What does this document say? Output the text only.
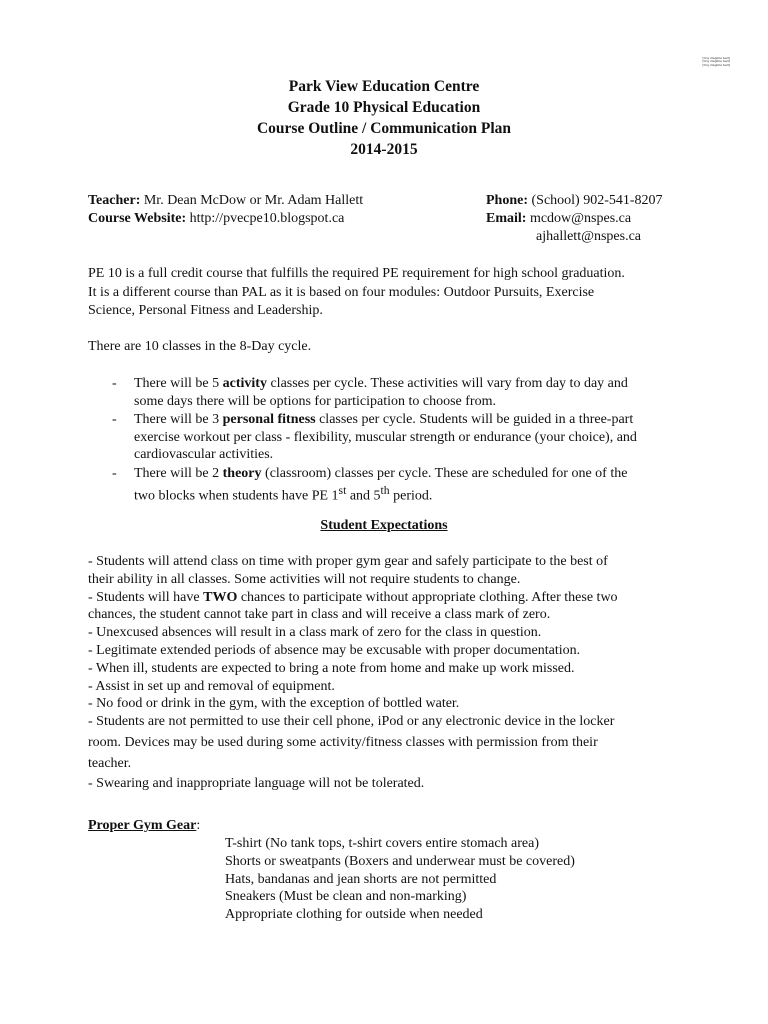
[tiny illegible text]
[tiny illegible text]
[tiny illegible text]
Park View Education Centre
Grade 10 Physical Education
Course Outline / Communication Plan
2014-2015
Teacher: Mr. Dean McDow or Mr. Adam Hallett	Phone: (School) 902-541-8207
Course Website: http://pvecpe10.blogspot.ca	Email: mcdow@nspes.ca
ajhallett@nspes.ca
PE 10 is a full credit course that fulfills the required PE requirement for high school graduation.
It is a different course than PAL as it is based on four modules: Outdoor Pursuits, Exercise
Science, Personal Fitness and Leadership.
There are 10 classes in the 8-Day cycle.
- There will be 5 activity classes per cycle. These activities will vary from day to day and
some days there will be options for participation to choose from.
- There will be 3 personal fitness classes per cycle. Students will be guided in a three-part
exercise workout per class - flexibility, muscular strength or endurance (your choice), and
cardiovascular activities.
- There will be 2 theory (classroom) classes per cycle. These are scheduled for one of the
two blocks when students have PE 1st and 5th period.
Student Expectations
- Students will attend class on time with proper gym gear and safely participate to the best of
their ability in all classes. Some activities will not require students to change.
- Students will have TWO chances to participate without appropriate clothing. After these two
chances, the student cannot take part in class and will receive a class mark of zero.
- Unexcused absences will result in a class mark of zero for the class in question.
- Legitimate extended periods of absence may be excusable with proper documentation.
- When ill, students are expected to bring a note from home and make up work missed.
- Assist in set up and removal of equipment.
- No food or drink in the gym, with the exception of bottled water.
- Students are not permitted to use their cell phone, iPod or any electronic device in the locker
room. Devices may be used during some activity/fitness classes with permission from their
teacher.
- Swearing and inappropriate language will not be tolerated.
Proper Gym Gear:
T-shirt (No tank tops, t-shirt covers entire stomach area)
Shorts or sweatpants (Boxers and underwear must be covered)
Hats, bandanas and jean shorts are not permitted
Sneakers (Must be clean and non-marking)
Appropriate clothing for outside when needed
